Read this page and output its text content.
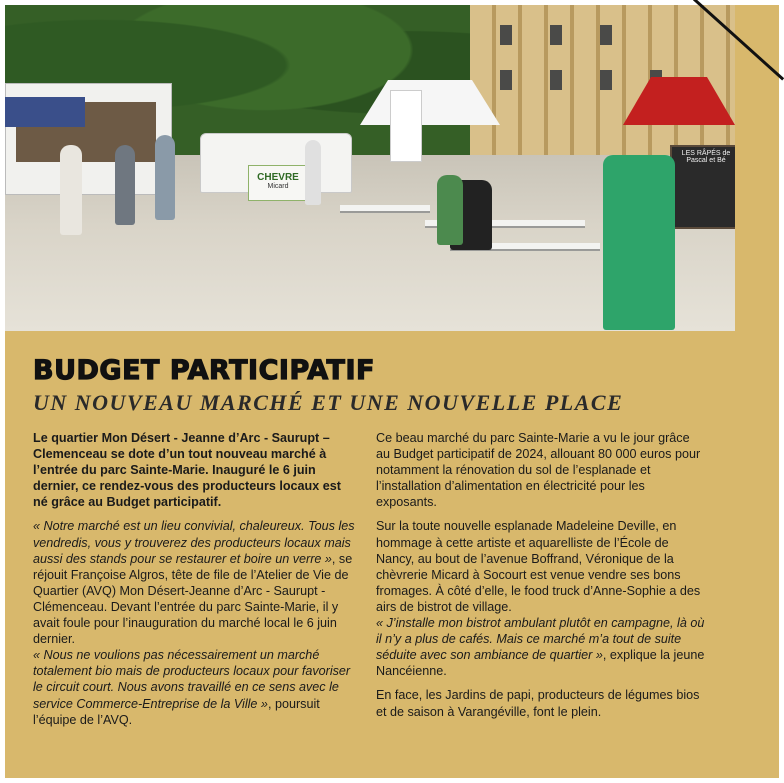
CHEVRE
Micard
LES RÂPÉS de Pascal et Bé
BUDGET PARTICIPATIF
UN NOUVEAU MARCHÉ ET UNE NOUVELLE PLACE

Le quartier Mon Désert - Jeanne d’Arc - Saurupt – Clemenceau se dote d’un tout nouveau marché à l’entrée du parc Sainte-Marie. Inauguré le 6 juin dernier, ce rendez-vous des producteurs locaux est né grâce au Budget participatif.

« Notre marché est un lieu convivial, chaleureux. Tous les vendredis, vous y trouverez des producteurs locaux mais aussi des stands pour se restaurer et boire un verre », se réjouit Françoise Algros, tête de file de l’Atelier de Vie de Quartier (AVQ) Mon Désert-Jeanne d’Arc - Saurupt - Clémenceau. Devant l’entrée du parc Sainte-Marie, il y avait foule pour l’inauguration du marché local le 6 juin dernier.
« Nous ne voulions pas nécessairement un marché totalement bio mais de producteurs locaux pour favoriser le circuit court. Nous avons travaillé en ce sens avec le service Commerce-Entreprise de la Ville », poursuit l’équipe de l’AVQ.

Ce beau marché du parc Sainte-Marie a vu le jour grâce au Budget participatif de 2024, allouant 80 000 euros pour notamment la rénovation du sol de l’esplanade et l’installation d’alimentation en électricité pour les exposants.

Sur la toute nouvelle esplanade Madeleine Deville, en hommage à cette artiste et aquarelliste de l’École de Nancy, au bout de l’avenue Boffrand, Véronique de la chèvrerie Micard à Socourt est venue vendre ses bons fromages. À côté d’elle, le food truck d’Anne-Sophie a des airs de bistrot de village.
« J’installe mon bistrot ambulant plutôt en campagne, là où il n’y a plus de cafés. Mais ce marché m’a tout de suite séduite avec son ambiance de quartier », explique la jeune Nancéienne.

En face, les Jardins de papi, producteurs de légumes bios et de saison à Varangéville, font le plein.
